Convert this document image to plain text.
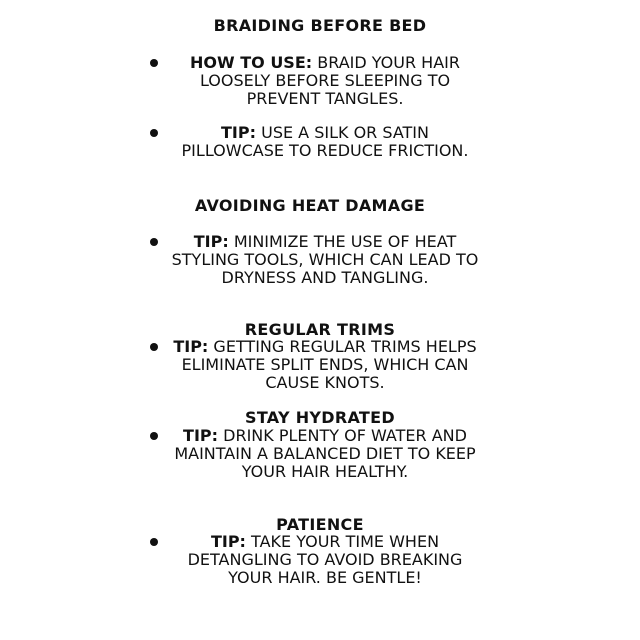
BRAIDING BEFORE BED
HOW TO USE: BRAID YOUR HAIR LOOSELY BEFORE SLEEPING TO PREVENT TANGLES.
TIP: USE A SILK OR SATIN PILLOWCASE TO REDUCE FRICTION.
AVOIDING HEAT DAMAGE
TIP: MINIMIZE THE USE OF HEAT STYLING TOOLS, WHICH CAN LEAD TO DRYNESS AND TANGLING.
REGULAR TRIMS
TIP: GETTING REGULAR TRIMS HELPS ELIMINATE SPLIT ENDS, WHICH CAN CAUSE KNOTS.
STAY HYDRATED
TIP: DRINK PLENTY OF WATER AND MAINTAIN A BALANCED DIET TO KEEP YOUR HAIR HEALTHY.
PATIENCE
TIP: TAKE YOUR TIME WHEN DETANGLING TO AVOID BREAKING YOUR HAIR. BE GENTLE!
